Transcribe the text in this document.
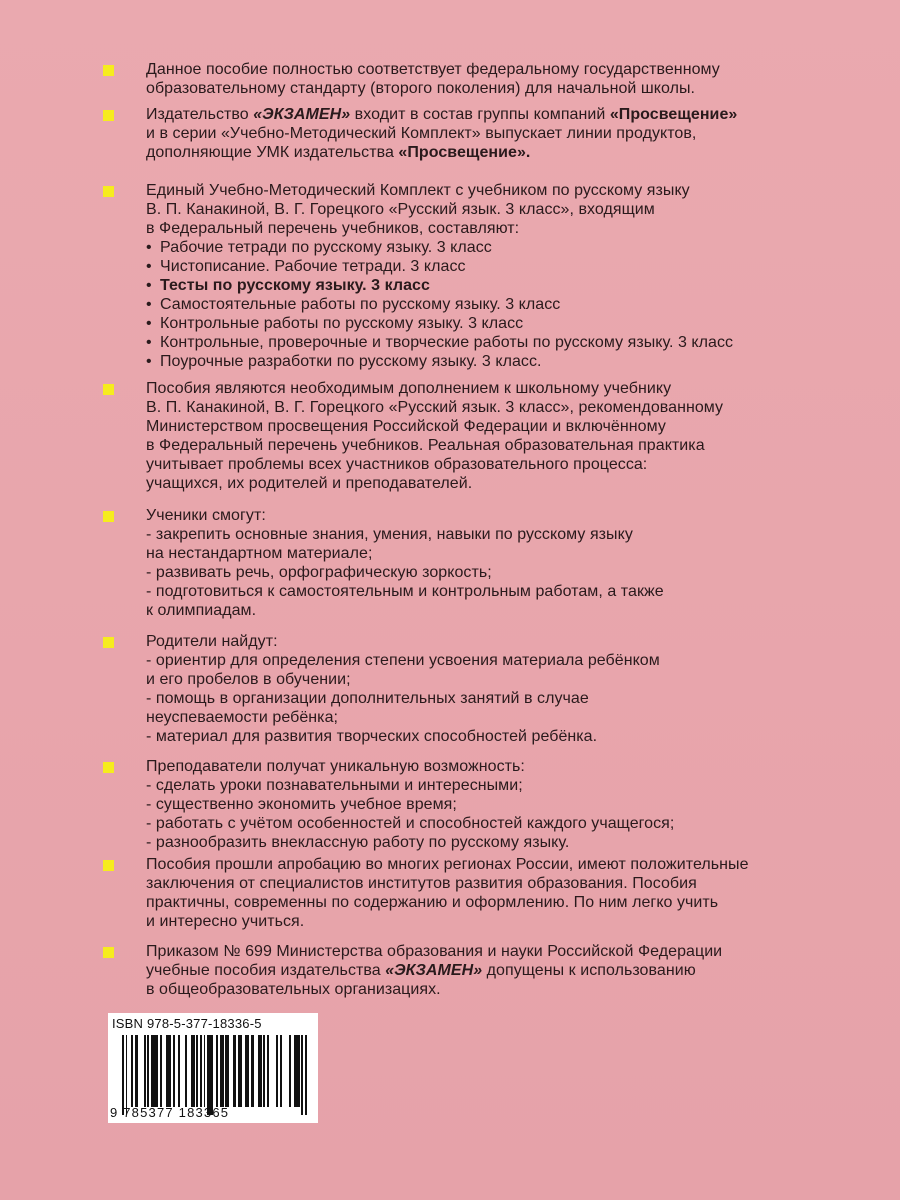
Данное пособие полностью соответствует федеральному государственному
образовательному стандарту (второго поколения) для начальной школы.
Издательство «ЭКЗАМЕН» входит в состав группы компаний «Просвещение»
и в серии «Учебно-Методический Комплект» выпускает линии продуктов,
дополняющие УМК издательства «Просвещение».
Единый Учебно-Методический Комплект с учебником по русскому языку
В. П. Канакиной, В. Г. Горецкого «Русский язык. 3 класс», входящим
в Федеральный перечень учебников, составляют:
•Рабочие тетради по русскому языку. 3 класс
•Чистописание. Рабочие тетради. 3 класс
•Тесты по русскому языку. 3 класс
•Самостоятельные работы по русскому языку. 3 класс
•Контрольные работы по русскому языку. 3 класс
•Контрольные, проверочные и творческие работы по русскому языку. 3 класс
•Поурочные разработки по русскому языку. 3 класс.
Пособия являются необходимым дополнением к школьному учебнику
В. П. Канакиной, В. Г. Горецкого «Русский язык. 3 класс», рекомендованному
Министерством просвещения Российской Федерации и включённому
в Федеральный перечень учебников. Реальная образовательная практика
учитывает проблемы всех участников образовательного процесса:
учащихся, их родителей и преподавателей.
Ученики смогут:
- закрепить основные знания, умения, навыки по русскому языку
на нестандартном материале;
- развивать речь, орфографическую зоркость;
- подготовиться к самостоятельным и контрольным работам, а также
к олимпиадам.
Родители найдут:
- ориентир для определения степени усвоения материала ребёнком
и его пробелов в обучении;
- помощь в организации дополнительных занятий в случае
неуспеваемости ребёнка;
- материал для развития творческих способностей ребёнка.
Преподаватели получат уникальную возможность:
- сделать уроки познавательными и интересными;
- существенно экономить учебное время;
- работать с учётом особенностей и способностей каждого учащегося;
- разнообразить внеклассную работу по русскому языку.
Пособия прошли апробацию во многих регионах России, имеют положительные
заключения от специалистов институтов развития образования. Пособия
практичны, современны по содержанию и оформлению. По ним легко учить
и интересно учиться.
Приказом № 699 Министерства образования и науки Российской Федерации
учебные пособия издательства «ЭКЗАМЕН» допущены к использованию
в общеобразовательных организациях.
ISBN 978-5-377-18336-5
9 785377 183365
